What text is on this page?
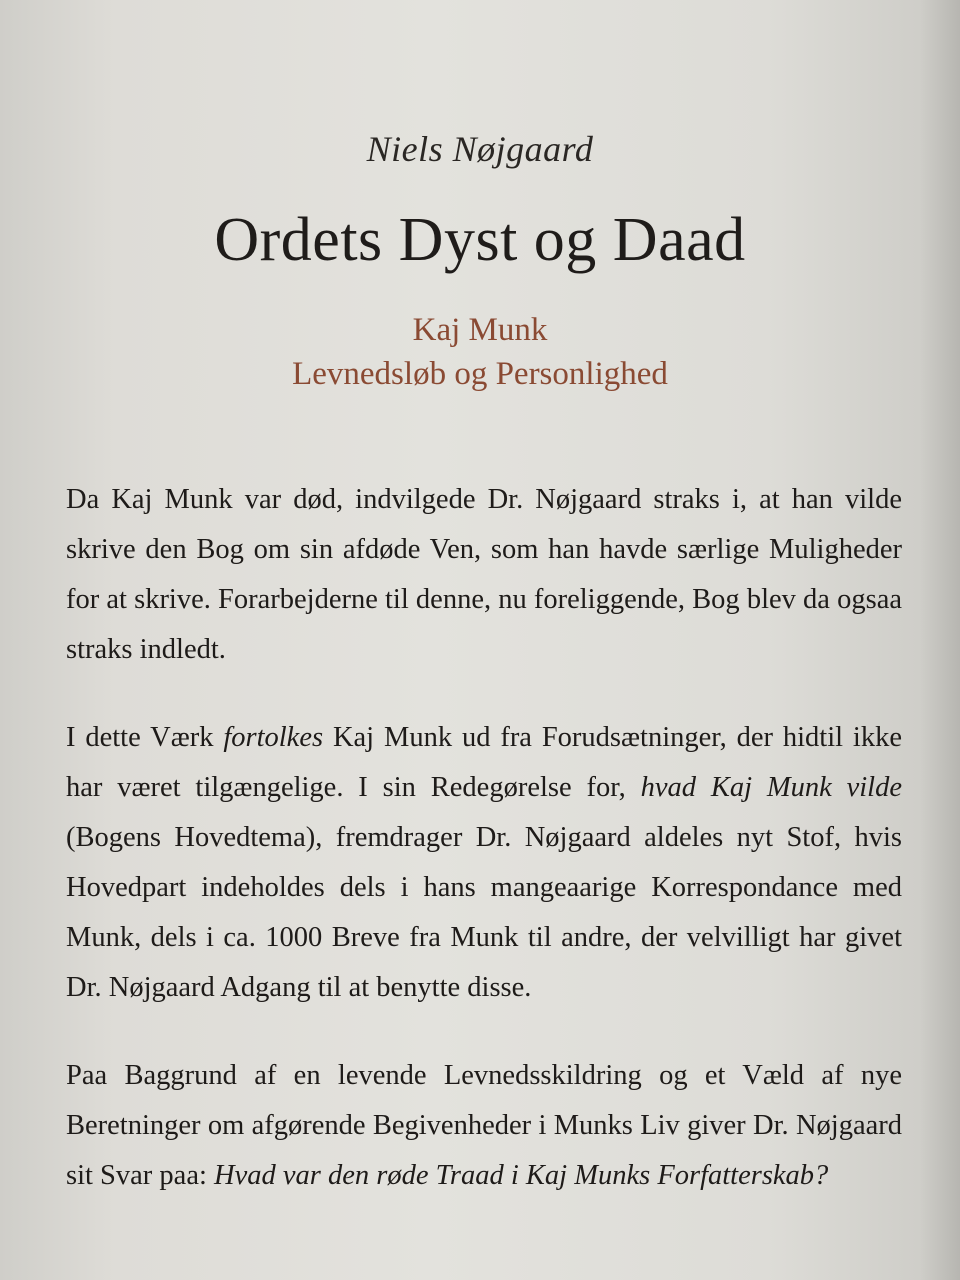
Niels Nøjgaard
Ordets Dyst og Daad
Kaj Munk
Levnedsløb og Personlighed

Da Kaj Munk var død, indvilgede Dr. Nøjgaard straks i, at han vilde skrive den Bog om sin afdøde Ven, som han havde særlige Muligheder for at skrive. Forarbejderne til denne, nu foreliggende, Bog blev da ogsaa straks indledt.

I dette Værk fortolkes Kaj Munk ud fra Forudsætninger, der hidtil ikke har været tilgængelige. I sin Redegørelse for, hvad Kaj Munk vilde (Bogens Hovedtema), fremdrager Dr. Nøjgaard aldeles nyt Stof, hvis Hovedpart indeholdes dels i hans mangeaarige Korrespondance med Munk, dels i ca. 1000 Breve fra Munk til andre, der velvilligt har givet Dr. Nøjgaard Adgang til at benytte disse.

Paa Baggrund af en levende Levnedsskildring og et Væld af nye Beretninger om afgørende Begivenheder i Munks Liv giver Dr. Nøjgaard sit Svar paa: Hvad var den røde Traad i Kaj Munks Forfatterskab?
